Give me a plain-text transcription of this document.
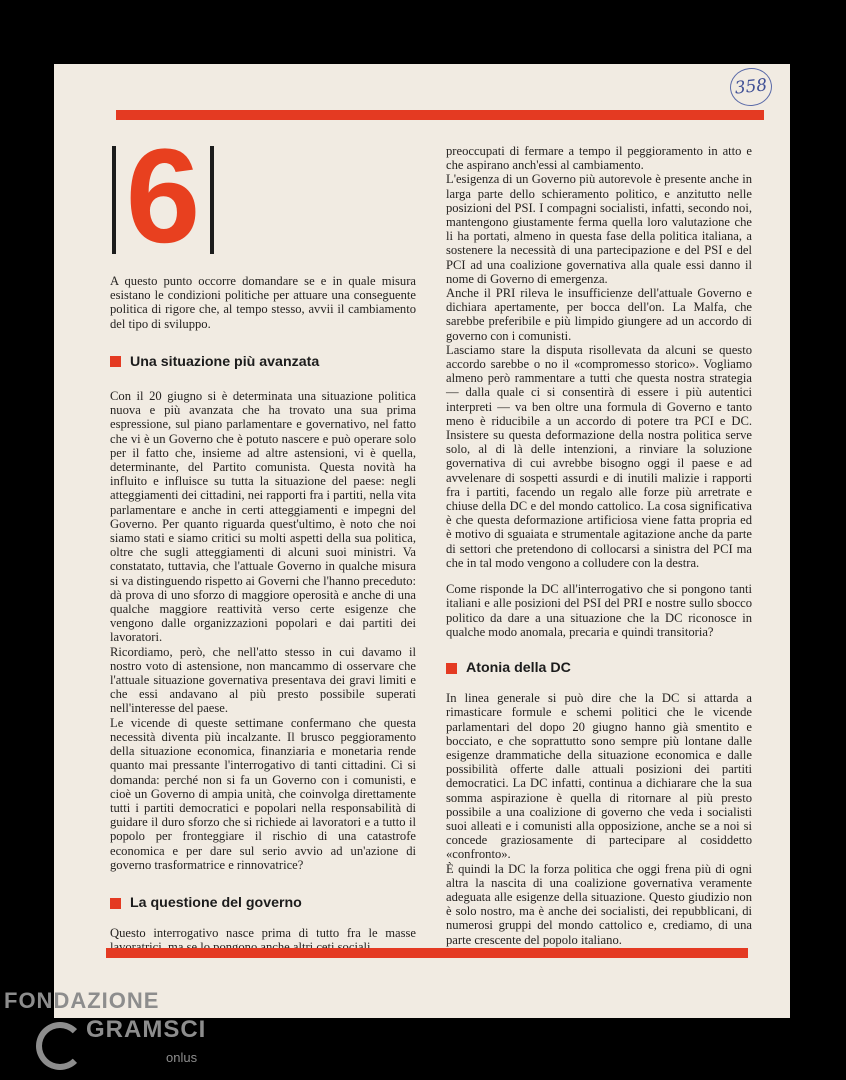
358
6

A questo punto occorre domandare se e in quale misura esistano le condizioni politiche per attuare una conseguente politica di rigore che, al tempo stesso, avvii il cambiamento del tipo di sviluppo.

Una situazione più avanzata

Con il 20 giugno si è determinata una situazione politica nuova e più avanzata che ha trovato una sua prima espressione, sul piano parlamentare e governativo, nel fatto che vi è un Governo che è potuto nascere e può operare solo per il fatto che, insieme ad altre astensioni, vi è quella, determinante, del Partito comunista. Questa novità ha influito e influisce su tutta la situazione del paese: negli atteggiamenti dei cittadini, nei rapporti fra i partiti, nella vita parlamentare e anche in certi atteggiamenti e impegni del Governo. Per quanto riguarda quest'ultimo, è noto che noi siamo stati e siamo critici su molti aspetti della sua politica, oltre che sugli atteggiamenti di alcuni suoi ministri. Va constatato, tuttavia, che l'attuale Governo in qualche misura si va distinguendo rispetto ai Governi che l'hanno preceduto: dà prova di uno sforzo di maggiore operosità e anche di una qualche maggiore reattività verso certe esigenze che vengono dalle organizzazioni popolari e dai partiti dei lavoratori.

Ricordiamo, però, che nell'atto stesso in cui davamo il nostro voto di astensione, non mancammo di osservare che l'attuale situazione governativa presentava dei gravi limiti e che essi andavano al più presto possibile superati nell'interesse del paese.

Le vicende di queste settimane confermano che questa necessità diventa più incalzante. Il brusco peggioramento della situazione economica, finanziaria e monetaria rende quanto mai pressante l'interrogativo di tanti cittadini. Ci si domanda: perché non si fa un Governo con i comunisti, e cioè un Governo di ampia unità, che coinvolga direttamente tutti i partiti democratici e popolari nella responsabilità di guidare il duro sforzo che si richiede ai lavoratori e a tutto il popolo per fronteggiare il rischio di una catastrofe economica e per dare sul serio avvio ad un'azione di governo trasformatrice e rinnovatrice?

La questione del governo

Questo interrogativo nasce prima di tutto fra le masse

preoccupati di fermare a tempo il peggioramento in atto e che aspirano anch'essi al cambiamento.

L'esigenza di un Governo più autorevole è presente anche in larga parte dello schieramento politico, e anzitutto nelle posizioni del PSI. I compagni socialisti, infatti, secondo noi, mantengono giustamente ferma quella loro valutazione che li ha portati, almeno in questa fase della politica italiana, a sostenere la necessità di una partecipazione e del PSI e del PCI ad una coalizione governativa alla quale essi danno il nome di Governo di emergenza.

Anche il PRI rileva le insufficienze dell'attuale Governo e dichiara apertamente, per bocca dell'on. La Malfa, che sarebbe preferibile e più limpido giungere ad un accordo di governo con i comunisti.

Lasciamo stare la disputa risollevata da alcuni se questo accordo sarebbe o no il «compromesso storico». Vogliamo almeno però rammentare a tutti che questa nostra strategia — dalla quale ci si consentirà di essere i più autentici interpreti — va ben oltre una formula di Governo e tanto meno è riducibile a un accordo di potere tra PCI e DC. Insistere su questa deformazione della nostra politica serve solo, al di là delle intenzioni, a rinviare la soluzione governativa di cui avrebbe bisogno oggi il paese e ad avvelenare di sospetti assurdi e di inutili malizie i rapporti fra i partiti, facendo un regalo alle forze più arretrate e chiuse della DC e del mondo cattolico. La cosa significativa è che questa deformazione artificiosa viene fatta propria ed è motivo di sguaiata e strumentale agitazione anche da parte di settori che pretendono di collocarsi a sinistra del PCI ma che in tal modo vengono a colludere con la destra.

Come risponde la DC all'interrogativo che si pongono tanti italiani e alle posizioni del PSI del PRI e nostre sullo sbocco politico da dare a una situazione che la DC riconosce in qualche modo anomala, precaria e quindi transitoria?

Atonia della DC

In linea generale si può dire che la DC si attarda a rimasticare formule e schemi politici che le vicende parlamentari del dopo 20 giugno hanno già smentito e bocciato, e che soprattutto sono sempre più lontane dalle esigenze drammatiche della situazione economica e dalle possibilità offerte dalle attuali posizioni dei partiti democratici. La DC infatti, continua a dichiarare che la sua somma aspirazione è quella di ritornare al più presto possibile a una coalizione di governo che veda i socialisti suoi alleati e i comunisti alla opposizione, anche se a noi si concede graziosamente di partecipare al cosiddetto «confronto».

È quindi la DC la forza politica che oggi frena più di ogni altra la nascita di una coalizione governativa veramente adeguata alle esigenze della situazione. Questo giudizio non è solo nostro, ma è anche dei socialisti, dei repubblicani, di numerosi gruppi del mondo cattolico e, crediamo, di una parte crescente del popolo italiano.

FONDAZIONE
GRAMSCI
onlus
